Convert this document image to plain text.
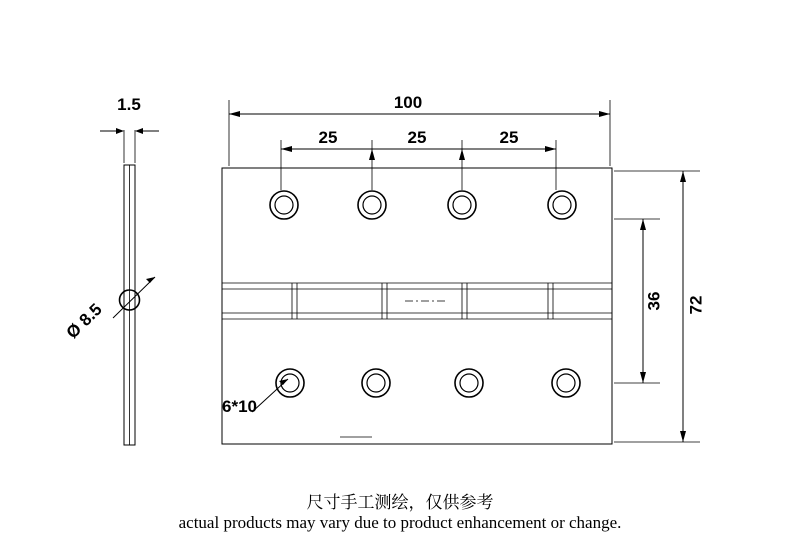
1.5
Ø 8.5
6*10
100
25	25	25
36 72
尺寸手工测绘，仅供参考
actual products may vary due to product enhancement or change.
